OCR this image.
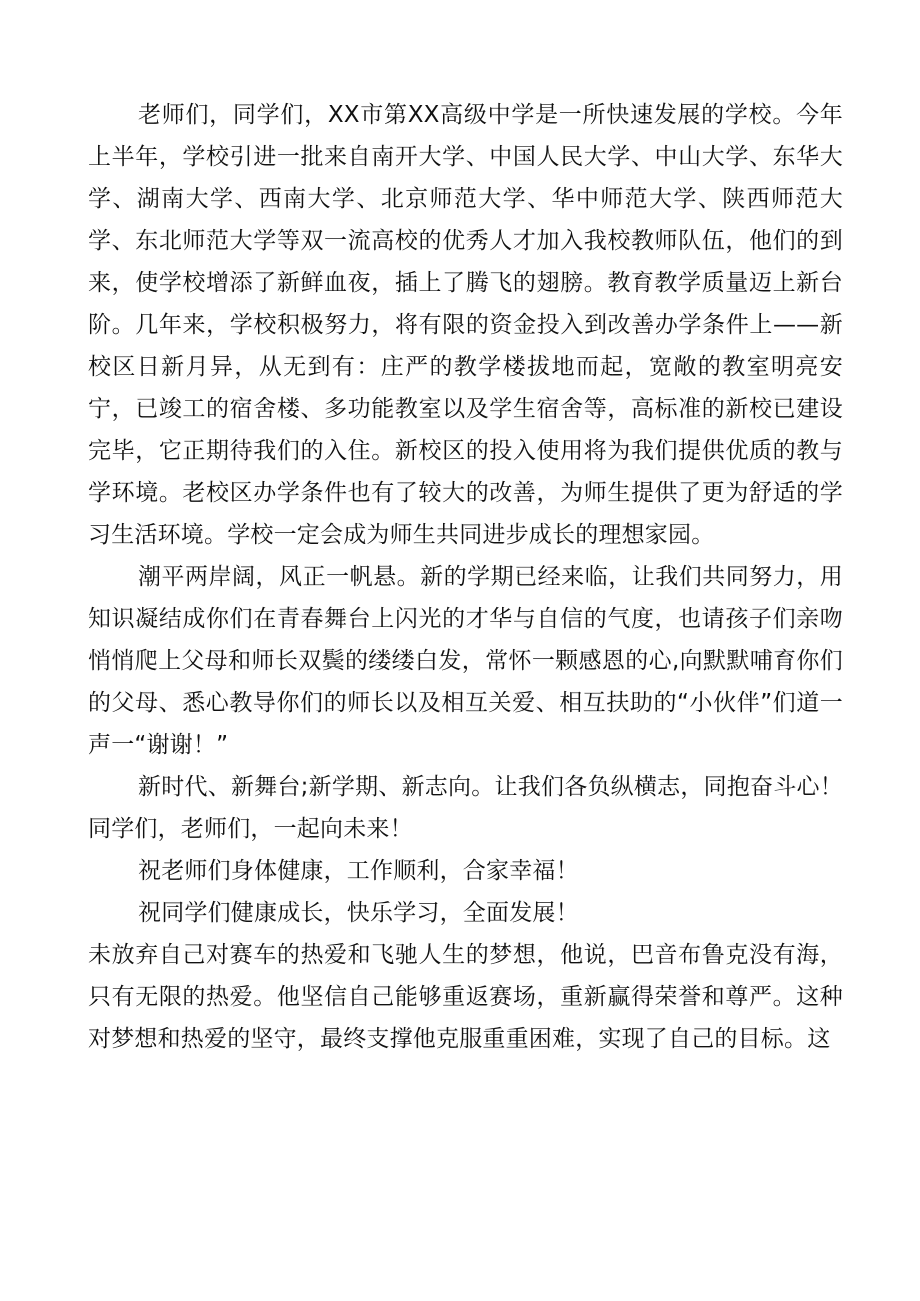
老师们，同学们，XX市第XX高级中学是一所快速发展的学校。今年上半年，学校引进一批来自南开大学、中国人民大学、中山大学、东华大学、湖南大学、西南大学、北京师范大学、华中师范大学、陕西师范大学、东北师范大学等双一流高校的优秀人才加入我校教师队伍，他们的到来，使学校增添了新鲜血夜，插上了腾飞的翅膀。教育教学质量迈上新台阶。几年来，学校积极努力，将有限的资金投入到改善办学条件上——新校区日新月异，从无到有：庄严的教学楼拔地而起，宽敞的教室明亮安宁，已竣工的宿舍楼、多功能教室以及学生宿舍等，高标准的新校已建设完毕，它正期待我们的入住。新校区的投入使用将为我们提供优质的教与学环境。老校区办学条件也有了较大的改善，为师生提供了更为舒适的学习生活环境。学校一定会成为师生共同进步成长的理想家园。

潮平两岸阔，风正一帆悬。新的学期已经来临，让我们共同努力，用知识凝结成你们在青春舞台上闪光的才华与自信的气度，也请孩子们亲吻悄悄爬上父母和师长双鬓的缕缕白发，常怀一颗感恩的心,向默默哺育你们的父母、悉心教导你们的师长以及相互关爱、相互扶助的“小伙伴”们道一声一“谢谢！”

新时代、新舞台;新学期、新志向。让我们各负纵横志，同抱奋斗心！同学们，老师们，一起向未来！

祝老师们身体健康，工作顺利，合家幸福！

祝同学们健康成长，快乐学习，全面发展！

未放弃自己对赛车的热爱和飞驰人生的梦想，他说，巴音布鲁克没有海，只有无限的热爱。他坚信自己能够重返赛场，重新赢得荣誉和尊严。这种对梦想和热爱的坚守，最终支撑他克服重重困难，实现了自己的目标。这
